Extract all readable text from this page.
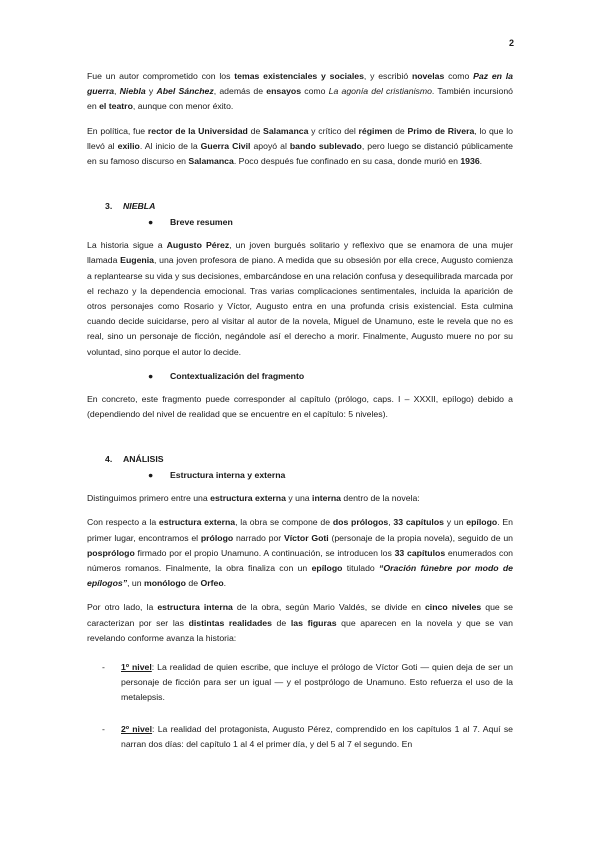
2

Fue un autor comprometido con los temas existenciales y sociales, y escribió novelas como Paz en la guerra, Niebla y Abel Sánchez, además de ensayos como La agonía del cristianismo. También incursionó en el teatro, aunque con menor éxito.

En política, fue rector de la Universidad de Salamanca y crítico del régimen de Primo de Rivera, lo que lo llevó al exilio. Al inicio de la Guerra Civil apoyó al bando sublevado, pero luego se distanció públicamente en su famoso discurso en Salamanca. Poco después fue confinado en su casa, donde murió en 1936.

3. NIEBLA
● Breve resumen

La historia sigue a Augusto Pérez, un joven burgués solitario y reflexivo que se enamora de una mujer llamada Eugenia, una joven profesora de piano. A medida que su obsesión por ella crece, Augusto comienza a replantearse su vida y sus decisiones, embarcándose en una relación confusa y desequilibrada marcada por el rechazo y la dependencia emocional. Tras varias complicaciones sentimentales, incluida la aparición de otros personajes como Rosario y Víctor, Augusto entra en una profunda crisis existencial. Esta culmina cuando decide suicidarse, pero al visitar al autor de la novela, Miguel de Unamuno, este le revela que no es real, sino un personaje de ficción, negándole así el derecho a morir. Finalmente, Augusto muere no por su voluntad, sino porque el autor lo decide.

● Contextualización del fragmento

En concreto, este fragmento puede corresponder al capítulo (prólogo, caps. I – XXXII, epílogo) debido a (dependiendo del nivel de realidad que se encuentre en el capítulo: 5 niveles).

4. ANÁLISIS
● Estructura interna y externa

Distinguimos primero entre una estructura externa y una interna dentro de la novela:

Con respecto a la estructura externa, la obra se compone de dos prólogos, 33 capítulos y un epílogo. En primer lugar, encontramos el prólogo narrado por Víctor Goti (personaje de la propia novela), seguido de un posprólogo firmado por el propio Unamuno. A continuación, se introducen los 33 capítulos enumerados con números romanos. Finalmente, la obra finaliza con un epílogo titulado “Oración fúnebre por modo de epílogos”, un monólogo de Orfeo.

Por otro lado, la estructura interna de la obra, según Mario Valdés, se divide en cinco niveles que se caracterizan por ser las distintas realidades de las figuras que aparecen en la novela y que se van revelando conforme avanza la historia:

- 1º nivel: La realidad de quien escribe, que incluye el prólogo de Víctor Goti — quien deja de ser un personaje de ficción para ser un igual — y el postprólogo de Unamuno. Esto refuerza el uso de la metalepsis.
- 2º nivel: La realidad del protagonista, Augusto Pérez, comprendido en los capítulos 1 al 7. Aquí se narran dos días: del capítulo 1 al 4 el primer día, y del 5 al 7 el segundo. En
